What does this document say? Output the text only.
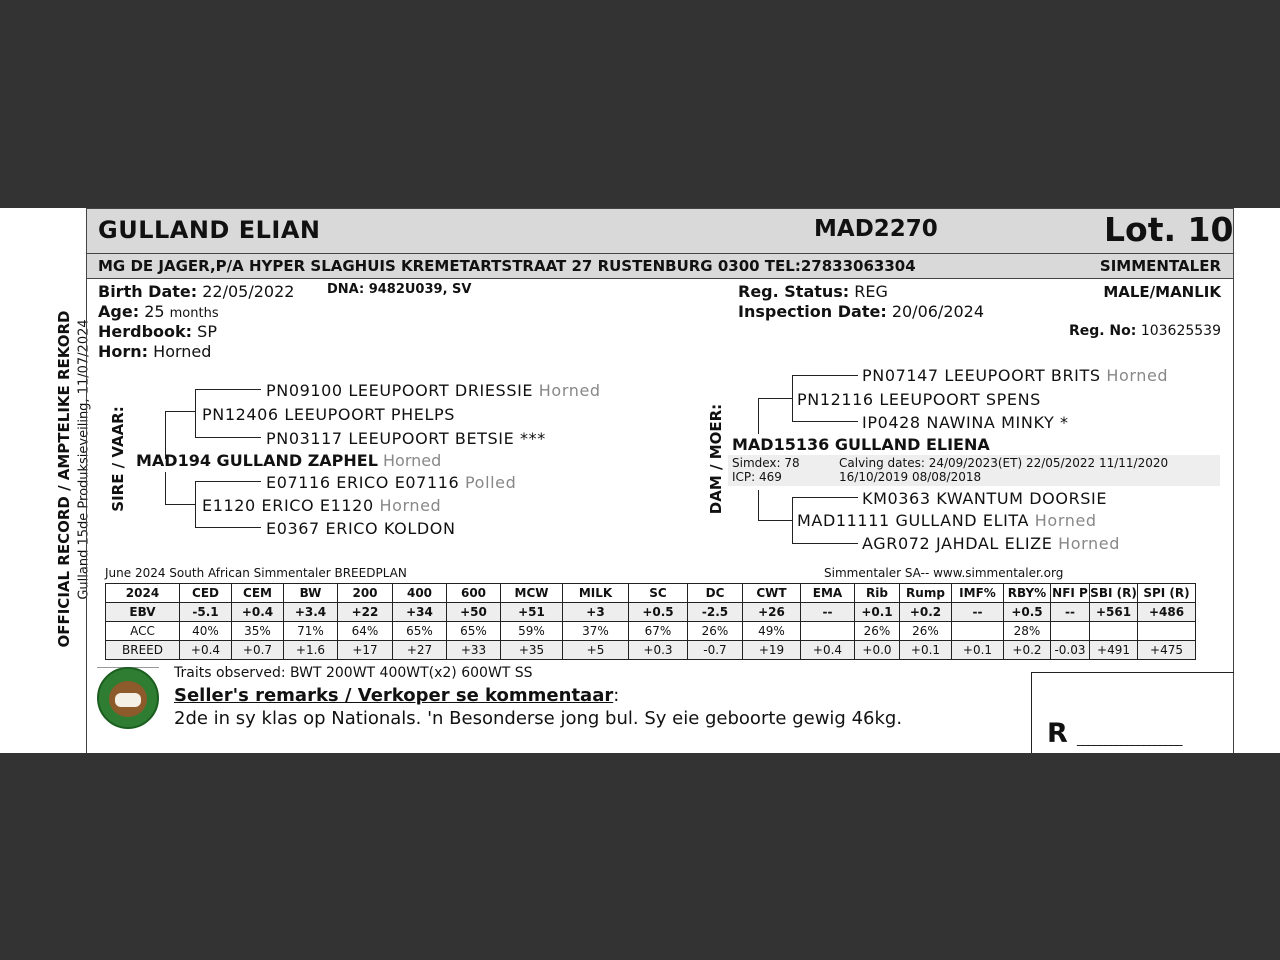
OFFICIAL RECORD / AMPTELIKE REKORD Gulland 15de Produksieveiling, 11/07/2024
GULLAND ELIAN	MAD2270	Lot. 10
MG DE JAGER,P/A HYPER SLAGHUIS KREMETARTSTRAAT 27 RUSTENBURG 0300 TEL:27833063304	SIMMENTALER
Birth Date: 22/05/2022	DNA: 9482U039, SV
Age: 25 months
Herdbook: SP
Horn: Horned
Reg. Status: REG
Inspection Date: 20/06/2024
MALE/MANLIK
Reg. No: 103625539
SIRE / VAAR:
PN09100 LEEUPOORT DRIESSIE Horned
PN12406 LEEUPOORT PHELPS
PN03117 LEEUPOORT BETSIE ***
MAD194 GULLAND ZAPHEL Horned
E07116 ERICO E07116 Polled
E1120 ERICO E1120 Horned
E0367 ERICO KOLDON
DAM / MOER:
PN07147 LEEUPOORT BRITS Horned
PN12116 LEEUPOORT SPENS
IP0428 NAWINA MINKY *
MAD15136 GULLAND ELIENA
Simdex: 78
ICP: 469
Calving dates: 24/09/2023(ET) 22/05/2022 11/11/2020
16/10/2019 08/08/2018
KM0363 KWANTUM DOORSIE
MAD11111 GULLAND ELITA Horned
AGR072 JAHDAL ELIZE Horned
June 2024 South African Simmentaler BREEDPLAN	Simmentaler SA-- www.simmentaler.org
2024	CED	CEM	BW	200	400	600	MCW	MILK	SC	DC	CWT	EMA	Rib	Rump	IMF%	RBY%	NFI P	SBI (R)	SPI (R)
EBV	-5.1	+0.4	+3.4	+22	+34	+50	+51	+3	+0.5	-2.5	+26	--	+0.1	+0.2	--	+0.5	--	+561	+486
ACC	40%	35%	71%	64%	65%	65%	59%	37%	67%	26%	49%		26%	26%		28%			
BREED	+0.4	+0.7	+1.6	+17	+27	+33	+35	+5	+0.3	-0.7	+19	+0.4	+0.0	+0.1	+0.1	+0.2	-0.03	+491	+475
Traits observed: BWT 200WT 400WT(x2) 600WT SS
Seller's remarks / Verkoper se kommentaar:
2de in sy klas op Nationals. 'n Besonderse jong bul. Sy eie geboorte gewig 46kg.	R ___________________
